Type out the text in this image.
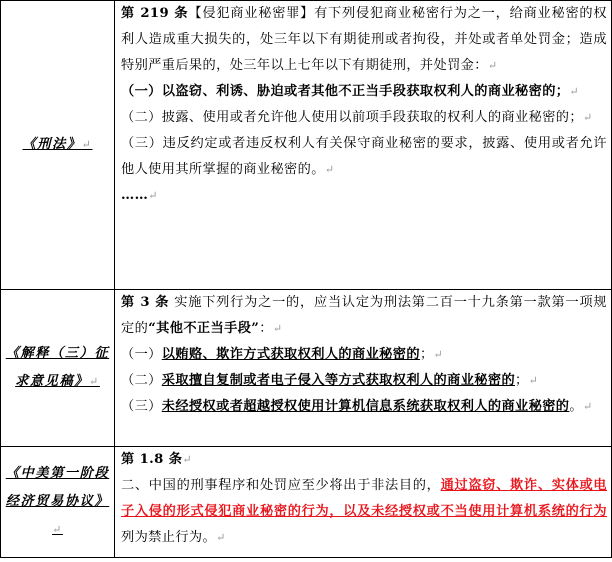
《刑法》↵	第 219 条【侵犯商业秘密罪】有下列侵犯商业秘密行为之一，给商业秘密的权利人造成重大损失的，处三年以下有期徒刑或者拘役，并处或者单处罚金；造成特别严重后果的，处三年以上七年以下有期徒刑，并处罚金：↵

（一）以盗窃、利诱、胁迫或者其他不正当手段获取权利人的商业秘密的；↵

（二）披露、使用或者允许他人使用以前项手段获取的权利人的商业秘密的；↵

（三）违反约定或者违反权利人有关保守商业秘密的要求，披露、使用或者允许他人使用其所掌握的商业秘密的。↵

……↵

《解释（三）征求意见稿》↵	第 3 条 实施下列行为之一的，应当认定为刑法第二百一十九条第一款第一项规定的“其他不正当手段”：↵

（一）以贿赂、欺诈方式获取权利人的商业秘密的；↵

（二）采取擅自复制或者电子侵入等方式获取权利人的商业秘密的；↵

（三）未经授权或者超越授权使用计算机信息系统获取权利人的商业秘密的。↵

《中美第一阶段经济贸易协议》↵	第 1.8 条↵

二、中国的刑事程序和处罚应至少将出于非法目的，通过盗窃、欺诈、实体或电子入侵的形式侵犯商业秘密的行为，以及未经授权或不当使用计算机系统的行为列为禁止行为。↵
